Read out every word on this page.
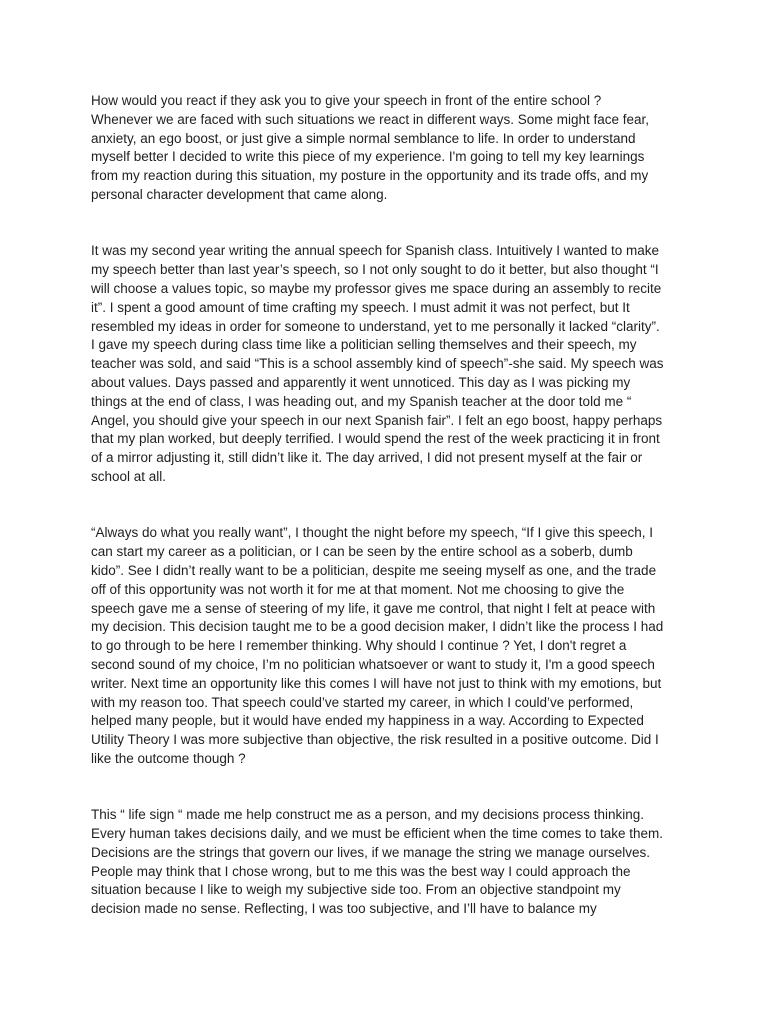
How would you react if they ask you to give your speech in front of the entire school ?
Whenever we are faced with such situations we react in different ways. Some might face fear,
anxiety, an ego boost, or just give a simple normal semblance to life. In order to understand
myself better I decided to write this piece of my experience. I'm going to tell my key learnings
from my reaction during this situation, my posture in the opportunity and its trade offs, and my
personal character development that came along.

It was my second year writing the annual speech for Spanish class. Intuitively I wanted to make
my speech better than last year’s speech, so I not only sought to do it better, but also thought “I
will choose a values topic, so maybe my professor gives me space during an assembly to recite
it”. I spent a good amount of time crafting my speech. I must admit it was not perfect, but It
resembled my ideas in order for someone to understand, yet to me personally it lacked “clarity”.
I gave my speech during class time like a politician selling themselves and their speech, my
teacher was sold, and said “This is a school assembly kind of speech”-she said. My speech was
about values. Days passed and apparently it went unnoticed. This day as I was picking my
things at the end of class, I was heading out, and my Spanish teacher at the door told me “
Angel, you should give your speech in our next Spanish fair”. I felt an ego boost, happy perhaps
that my plan worked, but deeply terrified. I would spend the rest of the week practicing it in front
of a mirror adjusting it, still didn’t like it. The day arrived, I did not present myself at the fair or
school at all.

“Always do what you really want”, I thought the night before my speech, “If I give this speech, I
can start my career as a politician, or I can be seen by the entire school as a soberb, dumb
kido”. See I didn’t really want to be a politician, despite me seeing myself as one, and the trade
off of this opportunity was not worth it for me at that moment. Not me choosing to give the
speech gave me a sense of steering of my life, it gave me control, that night I felt at peace with
my decision. This decision taught me to be a good decision maker, I didn’t like the process I had
to go through to be here I remember thinking. Why should I continue ? Yet, I don't regret a
second sound of my choice, I’m no politician whatsoever or want to study it, I'm a good speech
writer. Next time an opportunity like this comes I will have not just to think with my emotions, but
with my reason too. That speech could’ve started my career, in which I could’ve performed,
helped many people, but it would have ended my happiness in a way. According to Expected
Utility Theory I was more subjective than objective, the risk resulted in a positive outcome. Did I
like the outcome though ?

This “ life sign “ made me help construct me as a person, and my decisions process thinking.
Every human takes decisions daily, and we must be efficient when the time comes to take them.
Decisions are the strings that govern our lives, if we manage the string we manage ourselves.
People may think that I chose wrong, but to me this was the best way I could approach the
situation because I like to weigh my subjective side too. From an objective standpoint my
decision made no sense. Reflecting, I was too subjective, and I’ll have to balance my
